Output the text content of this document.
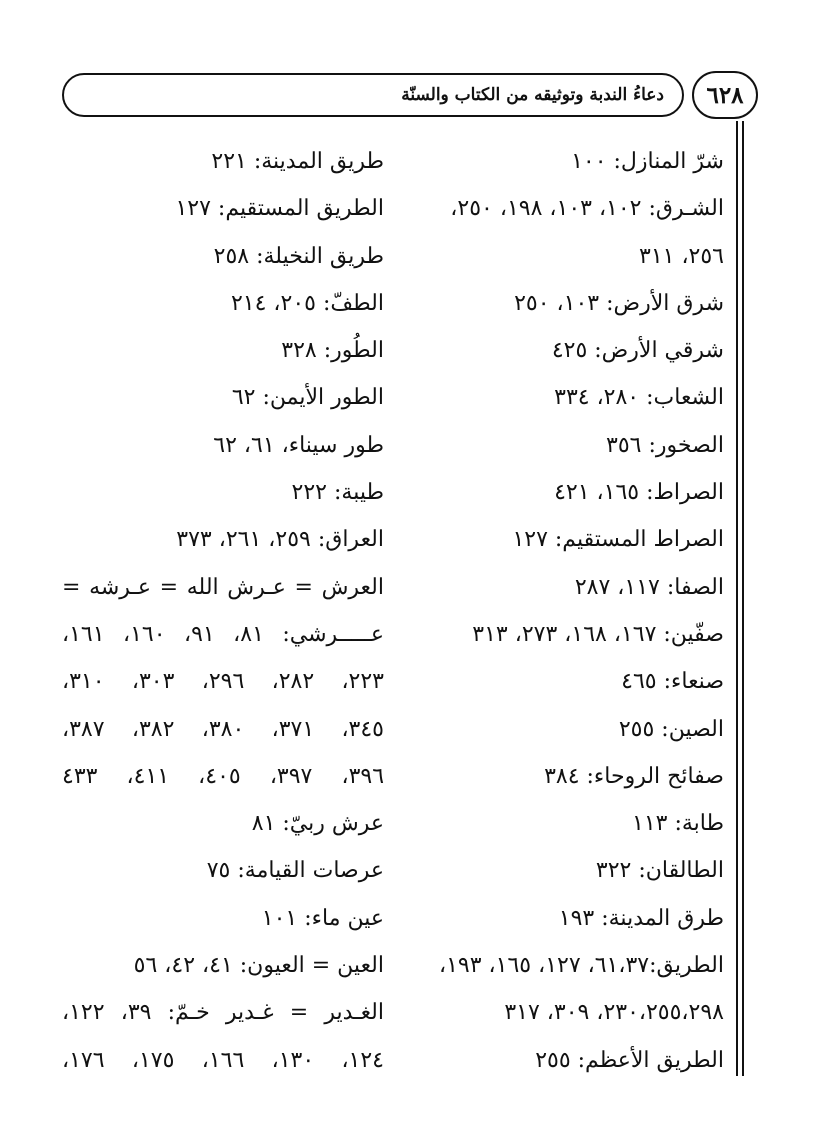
دعاءُ الندبة وتوثيقه من الكتاب والسنّة ٦٢٨
شرّ المنازل: ١٠٠
الشـرق: ١٠٢، ١٠٣، ١٩٨، ٢٥٠،
٢٥٦، ٣١١
شرق الأرض: ١٠٣، ٢٥٠
شرقي الأرض: ٤٢٥
الشعاب: ٢٨٠، ٣٣٤
الصخور: ٣٥٦
الصراط: ١٦٥، ٤٢١
الصراط المستقيم: ١٢٧
الصفا: ١١٧، ٢٨٧
صفّين: ١٦٧، ١٦٨، ٢٧٣، ٣١٣
صنعاء: ٤٦٥
الصين: ٢٥٥
صفائح الروحاء: ٣٨٤
طابة: ١١٣
الطالقان: ٣٢٢
طرق المدينة: ١٩٣
الطريق:٦١،٣٧، ١٢٧، ١٦٥، ١٩٣،
٢٣٠،٢٥٥،٢٩٨، ٣٠٩، ٣١٧
الطريق الأعظم: ٢٥٥
طريق المدينة: ٢٢١
الطريق المستقيم: ١٢٧
طريق النخيلة: ٢٥٨
الطفّ: ٢٠٥، ٢١٤
الطُور: ٣٢٨
الطور الأيمن: ٦٢
طور سيناء، ٦١، ٦٢
طيبة: ٢٢٢
العراق: ٢٥٩، ٢٦١، ٣٧٣
العرش = عـرش الله = عـرشه =
عـــــرشي: ٨١، ٩١، ١٦٠، ١٦١،
٢٢٣، ٢٨٢، ٢٩٦، ٣٠٣، ٣١٠،
٣٤٥، ٣٧١، ٣٨٠، ٣٨٢، ٣٨٧،
٣٩٦، ٣٩٧، ٤٠٥، ٤١١، ٤٣٣
عرش ربيّ: ٨١
عرصات القيامة: ٧٥
عين ماء: ١٠١
العين = العيون: ٤١، ٤٢، ٥٦
الغـدير = غـدير خـمّ: ٣٩، ١٢٢،
١٢٤، ١٣٠، ١٦٦، ١٧٥، ١٧٦،
